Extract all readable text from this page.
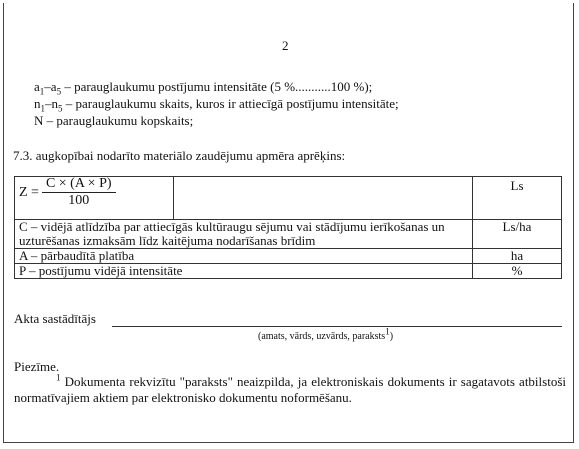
2
$a_1-a_5$ – parauglaukumu postījumu intensitāte (5 %...........100 %);
$n_1-n_5$ – parauglaukumu skaits, kuros ir attiecīgā postījumu intensitāte;
N – parauglaukumu kopskaits;
7.3. augkopībai nodarīto materiālo zaudējumu apmēra aprēķins:
$Z = \frac{C \times (A \times P)}{100}$		Ls
C – vidējā atlīdzība par attiecīgās kultūraugu sējumu vai stādījumu ierīkošanas un uzturēšanas izmaksām līdz kaitējuma nodarīšanas brīdim		Ls/ha
A – pārbaudītā platība		ha
P – postījumu vidējā intensitāte		%
Akta sastādītājs
(amats, vārds, uzvārds, paraksts$^1$)
Piezīme.
$^1$ Dokumenta rekvizītu "paraksts" neaizpilda, ja elektroniskais dokuments ir sagatavots atbilstoši normatīvajiem aktiem par elektronisko dokumentu noformēšanu.
